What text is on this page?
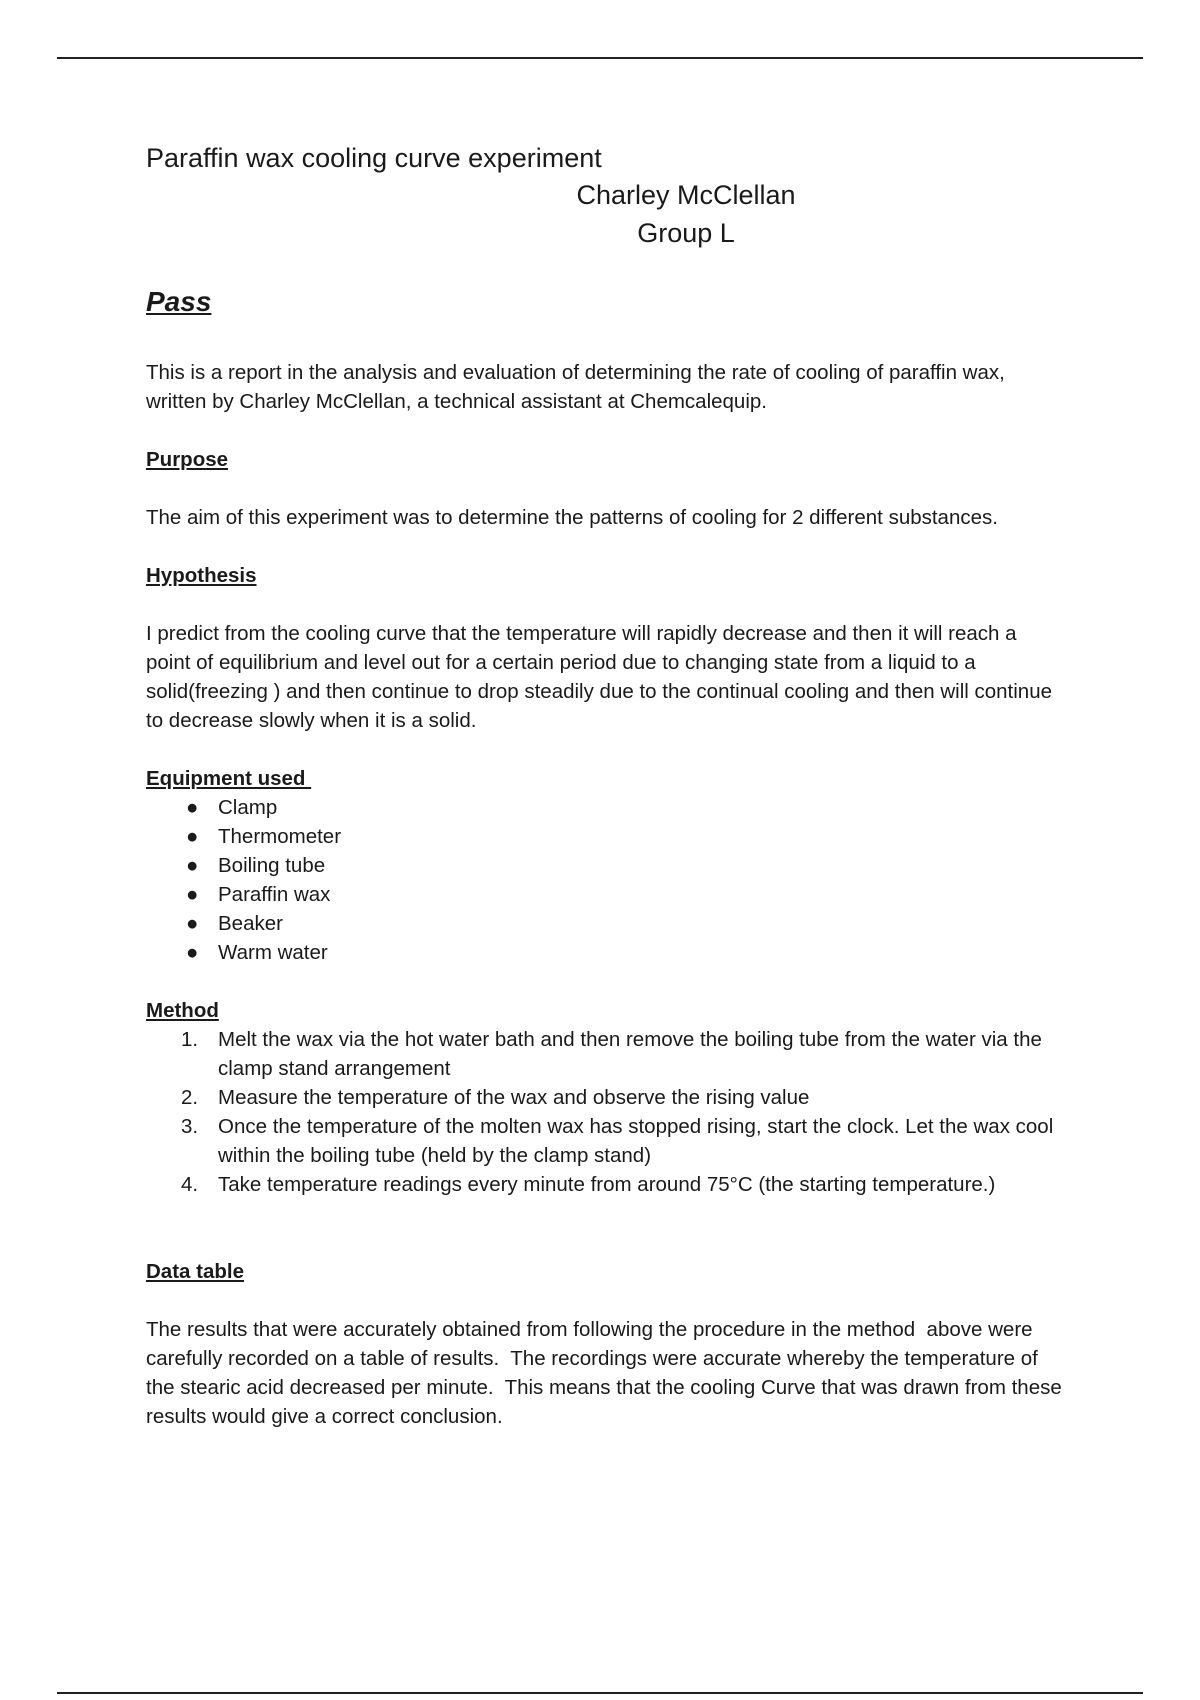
Paraffin wax cooling curve experiment
Charley McClellan
Group L
Pass

This is a report in the analysis and evaluation of determining the rate of cooling of paraffin wax, written by Charley McClellan, a technical assistant at Chemcalequip.

Purpose

The aim of this experiment was to determine the patterns of cooling for 2 different substances.

Hypothesis

I predict from the cooling curve that the temperature will rapidly decrease and then it will reach a point of equilibrium and level out for a certain period due to changing state from a liquid to a solid(freezing ) and then continue to drop steadily due to the continual cooling and then will continue to decrease slowly when it is a solid.

Equipment used
● Clamp
● Thermometer
● Boiling tube
● Paraffin wax
● Beaker
● Warm water
Method
1. Melt the wax via the hot water bath and then remove the boiling tube from the water via the clamp stand arrangement
2. Measure the temperature of the wax and observe the rising value
3. Once the temperature of the molten wax has stopped rising, start the clock. Let the wax cool within the boiling tube (held by the clamp stand)
4. Take temperature readings every minute from around 75°C (the starting temperature.)
Data table

The results that were accurately obtained from following the procedure in the method  above were carefully recorded on a table of results.  The recordings were accurate whereby the temperature of the stearic acid decreased per minute.  This means that the cooling Curve that was drawn from these results would give a correct conclusion.
